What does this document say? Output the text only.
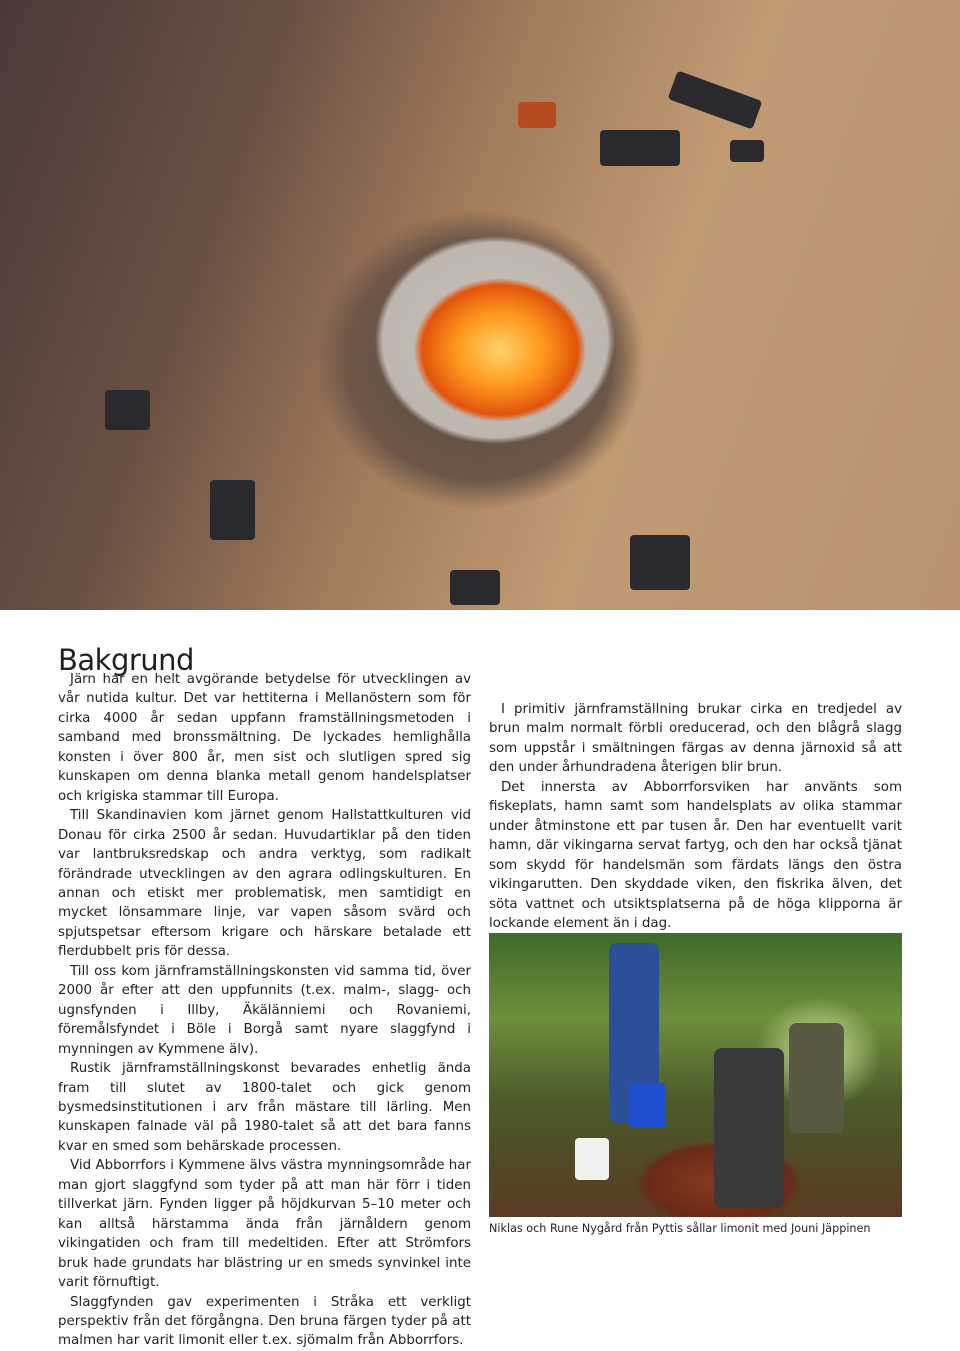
Bakgrund

Järn har en helt avgörande betydelse för utvecklingen av vår nutida kultur. Det var hettiterna i Mellanöstern som för cirka 4000 år sedan uppfann framställningsmetoden i samband med bronssmältning. De lyckades hemlighålla konsten i över 800 år, men sist och slutligen spred sig kunskapen om denna blanka metall genom handelsplatser och krigiska stammar till Europa.

Till Skandinavien kom järnet genom Hallstattkulturen vid Donau för cirka 2500 år sedan. Huvudartiklar på den tiden var lantbruksredskap och andra verktyg, som radikalt förändrade utvecklingen av den agrara odlingskulturen. En annan och etiskt mer problematisk, men samtidigt en mycket lönsammare linje, var vapen såsom svärd och spjutspetsar eftersom krigare och härskare betalade ett flerdubbelt pris för dessa.

Till oss kom järnframställningskonsten vid samma tid, över 2000 år efter att den uppfunnits (t.ex. malm-, slagg- och ugnsfynden i Illby, Äkälänniemi och Rovaniemi, föremålsfyndet i Böle i Borgå samt nyare slaggfynd i mynningen av Kymmene älv).

Rustik järnframställningskonst bevarades enhetlig ända fram till slutet av 1800-talet och gick genom bysmedsinstitutionen i arv från mästare till lärling. Men kunskapen falnade väl på 1980-talet så att det bara fanns kvar en smed som behärskade processen.

Vid Abborrfors i Kymmene älvs västra mynningsområde har man gjort slaggfynd som tyder på att man här förr i tiden tillverkat järn. Fynden ligger på höjdkurvan 5–10 meter och kan alltså härstamma ända från järnåldern genom vikingatiden och fram till medeltiden. Efter att Strömfors bruk hade grundats har blästring ur en smeds synvinkel inte varit förnuftigt.

Slaggfynden gav experimenten i Stråka ett verkligt perspektiv från det förgångna. Den bruna färgen tyder på att malmen har varit limonit eller t.ex. sjömalm från Abborrfors.

I primitiv järnframställning brukar cirka en tredjedel av brun malm normalt förbli oreducerad, och den blågrå slagg som uppstår i smältningen färgas av denna järnoxid så att den under århundradena återigen blir brun.

Det innersta av Abborrforsviken har använts som fiskeplats, hamn samt som handelsplats av olika stammar under åtminstone ett par tusen år. Den har eventuellt varit hamn, där vikingarna servat fartyg, och den har också tjänat som skydd för handelsmän som färdats längs den östra vikingarutten. Den skyddade viken, den fiskrika älven, det söta vattnet och utsiktsplatserna på de höga klipporna är lockande element än i dag.

Niklas och Rune Nygård från Pyttis sållar limonit med Jouni Jäppinen
